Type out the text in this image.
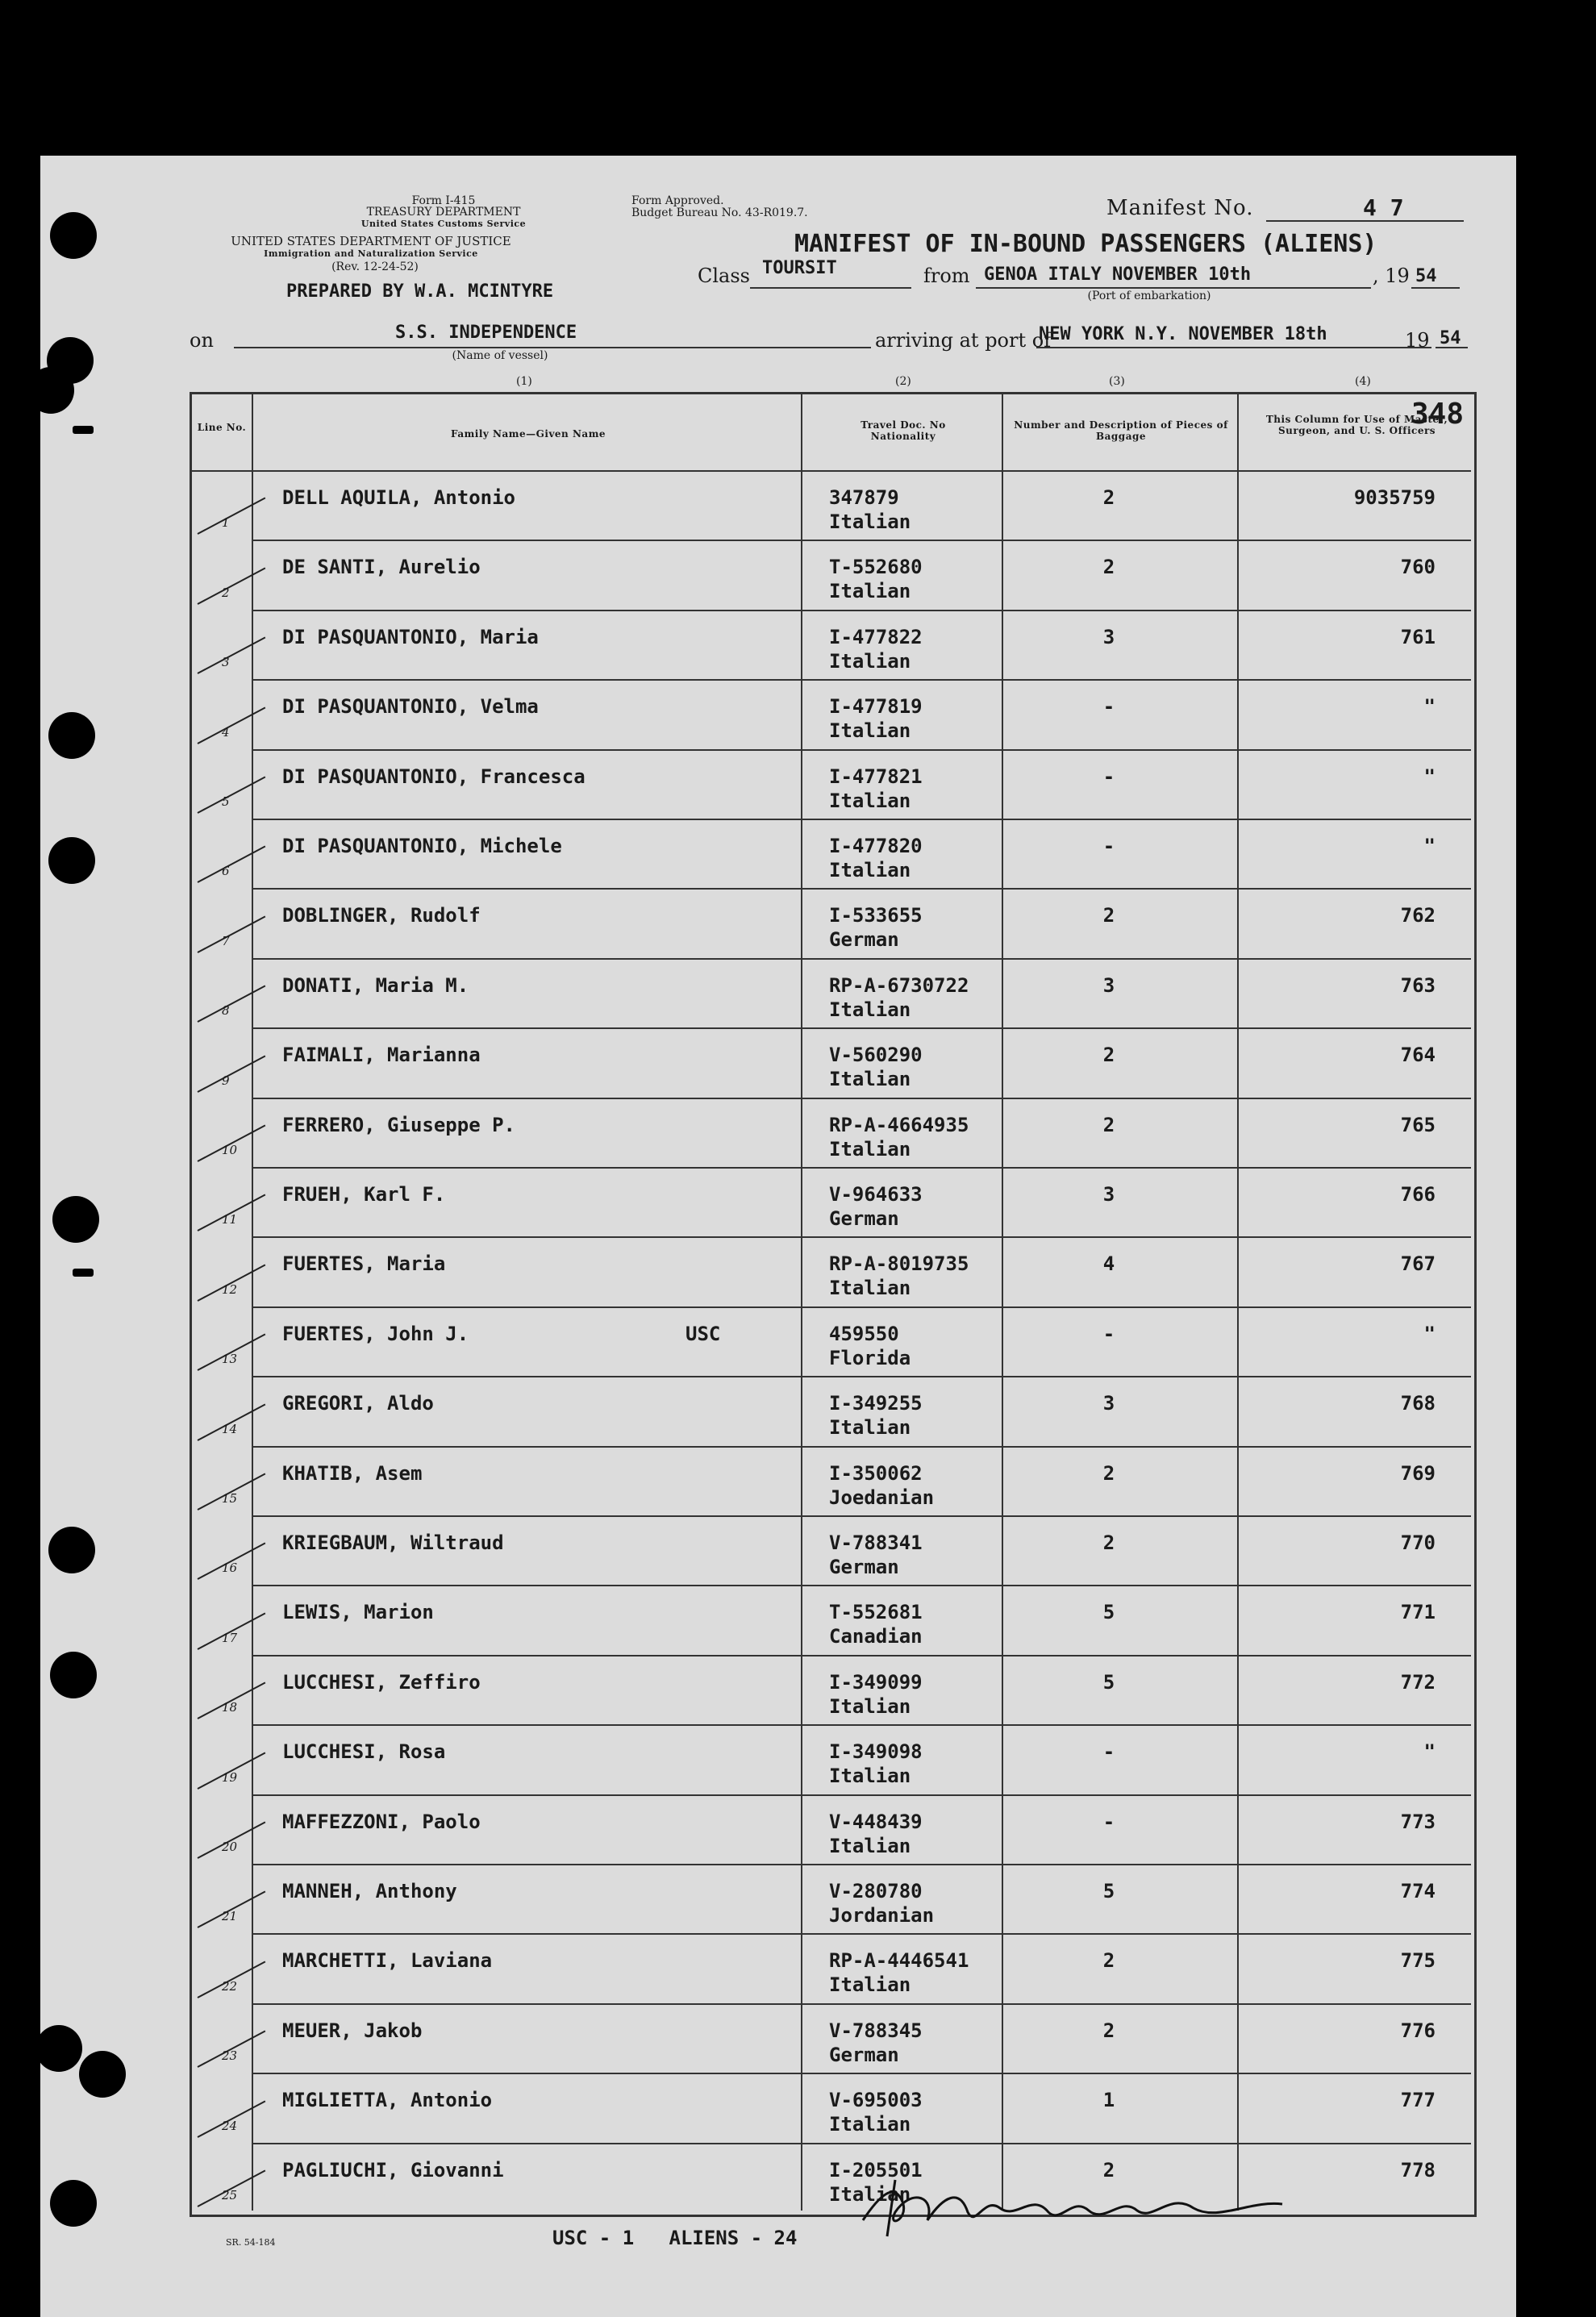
Form I-415
TREASURY DEPARTMENT
United States Customs Service
UNITED STATES DEPARTMENT OF JUSTICE
Immigration and Naturalization Service
(Rev. 12-24-52)
PREPARED BY W.A. MCINTYRE
Form Approved.
Budget Bureau No. 43-R019.7.	Manifest No.	4 7
MANIFEST OF IN-BOUND PASSENGERS (ALIENS)
Class TOURSIT	from GENOA ITALY NOVEMBER 10th
(Port of embarkation)
, 19 54
on	S.S. INDEPENDENCE
(Name of vessel)
arriving at port of
NEW YORK N.Y. NOVEMBER 18th	19 54
(1)	(2)	(3)	(4)
Line No.
Family Name—Given Name
Travel Doc. No Nationality
Number and Description of Pieces of Baggage
This Column for Use of Master, Surgeon, and U. S. Officers
348
1
DELL AQUILA, Antonio	347879
Italian
2	9035759
2
DE SANTI, Aurelio	T-552680
Italian
2	760
3
DI PASQUANTONIO, Maria	I-477822
Italian
3	761
4
DI PASQUANTONIO, Velma	I-477819
Italian
-	"
5
DI PASQUANTONIO, Francesca	I-477821
Italian
-	"
6
DI PASQUANTONIO, Michele	I-477820
Italian
-	"
7
DOBLINGER, Rudolf	I-533655
German
2	762
8
DONATI, Maria M.	RP-A-6730722
Italian
3	763
9
FAIMALI, Marianna	V-560290
Italian
2	764
10
FERRERO, Giuseppe P.	RP-A-4664935
Italian
2	765
11
FRUEH, Karl F.	V-964633
German
3	766
12
FUERTES, Maria	RP-A-8019735
Italian
4	767
13
FUERTES, John J.	USC	459550
Florida
-	"
14
GREGORI, Aldo	I-349255
Italian
3	768
15
KHATIB, Asem	I-350062
Joedanian
2	769
16
KRIEGBAUM, Wiltraud	V-788341
German
2	770
17
LEWIS, Marion	T-552681
Canadian
5	771
18
LUCCHESI, Zeffiro	I-349099
Italian
5	772
19
LUCCHESI, Rosa	I-349098
Italian
-	"
20
MAFFEZZONI, Paolo	V-448439
Italian
-	773
21
MANNEH, Anthony	V-280780
Jordanian
5	774
22
MARCHETTI, Laviana	RP-A-4446541
Italian
2	775
23
MEUER, Jakob	V-788345
German
2	776
24
MIGLIETTA, Antonio	V-695003
Italian
1	777
25
PAGLIUCHI, Giovanni	I-205501
Italian
2	778
SR. 54-184	USC - 1   ALIENS - 24
